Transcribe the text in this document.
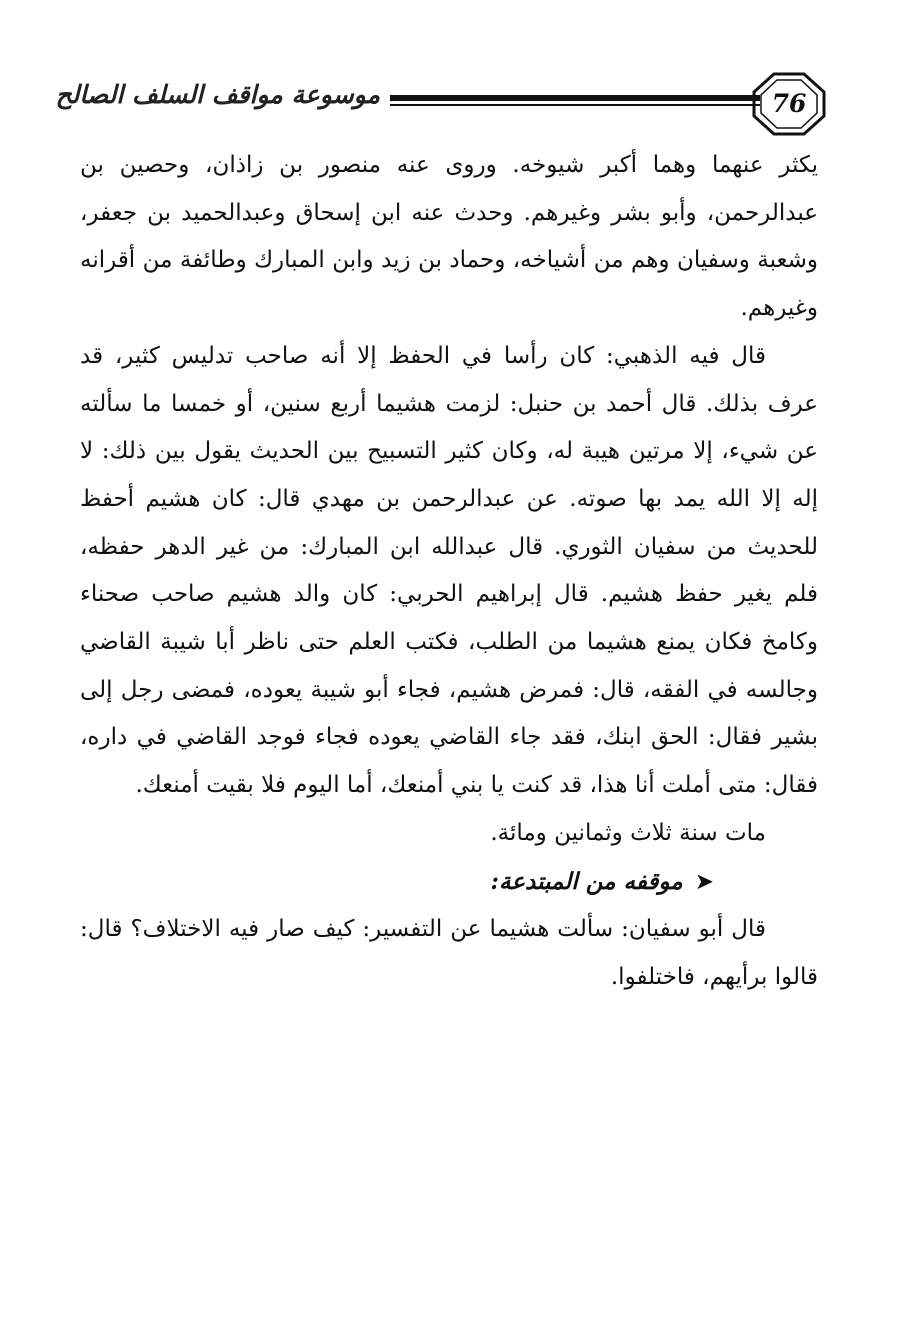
موسوعة مواقف السلف الصالح	76

يكثر عنهما وهما أكبر شيوخه. وروى عنه منصور بن زاذان، وحصين بن عبدالرحمن، وأبو بشر وغيرهم. وحدث عنه ابن إسحاق وعبدالحميد بن جعفر، وشعبة وسفيان وهم من أشياخه، وحماد بن زيد وابن المبارك وطائفة من أقرانه وغيرهم.

قال فيه الذهبي: كان رأسا في الحفظ إلا أنه صاحب تدليس كثير، قد عرف بذلك. قال أحمد بن حنبل: لزمت هشيما أربع سنين، أو خمسا ما سألته عن شيء، إلا مرتين هيبة له، وكان كثير التسبيح بين الحديث يقول بين ذلك: لا إله إلا الله يمد بها صوته. عن عبدالرحمن بن مهدي قال: كان هشيم أحفظ للحديث من سفيان الثوري. قال عبدالله ابن المبارك: من غير الدهر حفظه، فلم يغير حفظ هشيم. قال إبراهيم الحربي: كان والد هشيم صاحب صحناء وكامخ فكان يمنع هشيما من الطلب، فكتب العلم حتى ناظر أبا شيبة القاضي وجالسه في الفقه، قال: فمرض هشيم، فجاء أبو شيبة يعوده، فمضى رجل إلى بشير فقال: الحق ابنك، فقد جاء القاضي يعوده فجاء فوجد القاضي في داره، فقال: متى أملت أنا هذا، قد كنت يا بني أمنعك، أما اليوم فلا بقيت أمنعك.

مات سنة ثلاث وثمانين ومائة.

➤موقفه من المبتدعة:

قال أبو سفيان: سألت هشيما عن التفسير: كيف صار فيه الاختلاف؟ قال: قالوا برأيهم، فاختلفوا.
